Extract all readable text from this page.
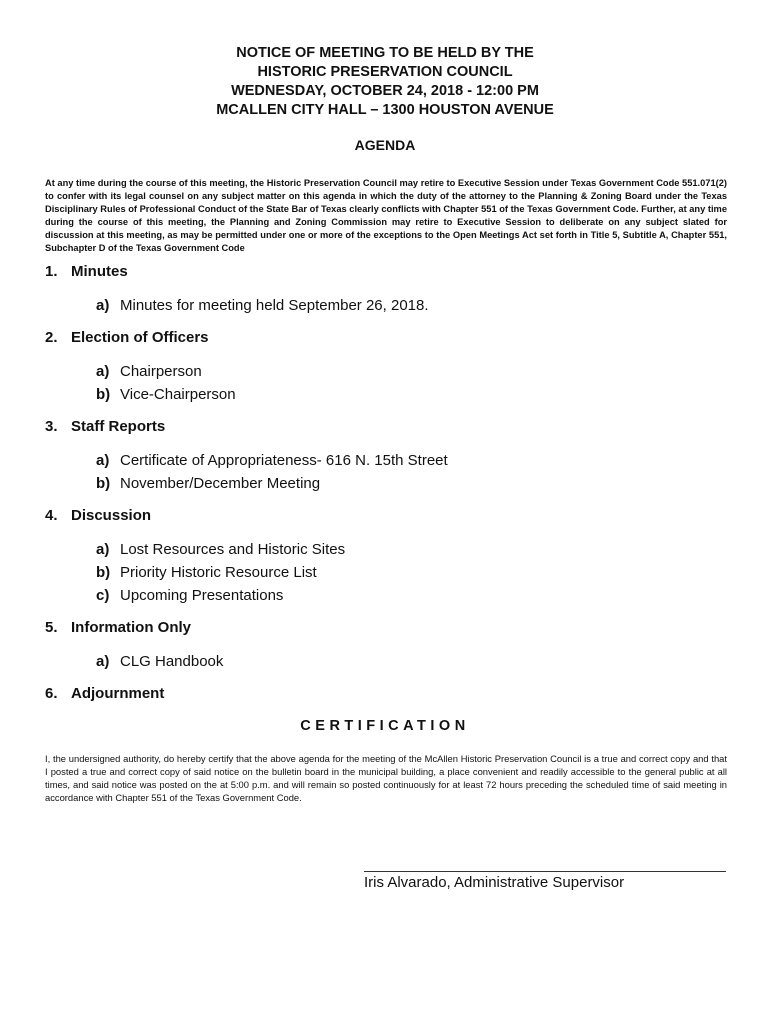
NOTICE OF MEETING TO BE HELD BY THE
HISTORIC PRESERVATION COUNCIL
WEDNESDAY, OCTOBER 24, 2018 - 12:00 PM
MCALLEN CITY HALL – 1300 HOUSTON AVENUE
AGENDA
At any time during the course of this meeting, the Historic Preservation Council may retire to Executive Session under Texas Government Code 551.071(2) to confer with its legal counsel on any subject matter on this agenda in which the duty of the attorney to the Planning & Zoning Board under the Texas Disciplinary Rules of Professional Conduct of the State Bar of Texas clearly conflicts with Chapter 551 of the Texas Government Code. Further, at any time during the course of this meeting, the Planning and Zoning Commission may retire to Executive Session to deliberate on any subject slated for discussion at this meeting, as may be permitted under one or more of the exceptions to the Open Meetings Act set forth in Title 5, Subtitle A, Chapter 551, Subchapter D of the Texas Government Code
1. Minutes
a) Minutes for meeting held September 26, 2018.
2. Election of Officers
a) Chairperson
b) Vice-Chairperson
3. Staff Reports
a) Certificate of Appropriateness- 616 N. 15th Street
b) November/December Meeting
4. Discussion
a) Lost Resources and Historic Sites
b) Priority Historic Resource List
c) Upcoming Presentations
5. Information Only
a) CLG Handbook
6. Adjournment
CERTIFICATION
I, the undersigned authority, do hereby certify that the above agenda for the meeting of the McAllen Historic Preservation Council is a true and correct copy and that I posted a true and correct copy of said notice on the bulletin board in the municipal building, a place convenient and readily accessible to the general public at all times, and said notice was posted on the at 5:00 p.m. and will remain so posted continuously for at least 72 hours preceding the scheduled time of said meeting in accordance with Chapter 551 of the Texas Government Code.
Iris Alvarado, Administrative Supervisor
